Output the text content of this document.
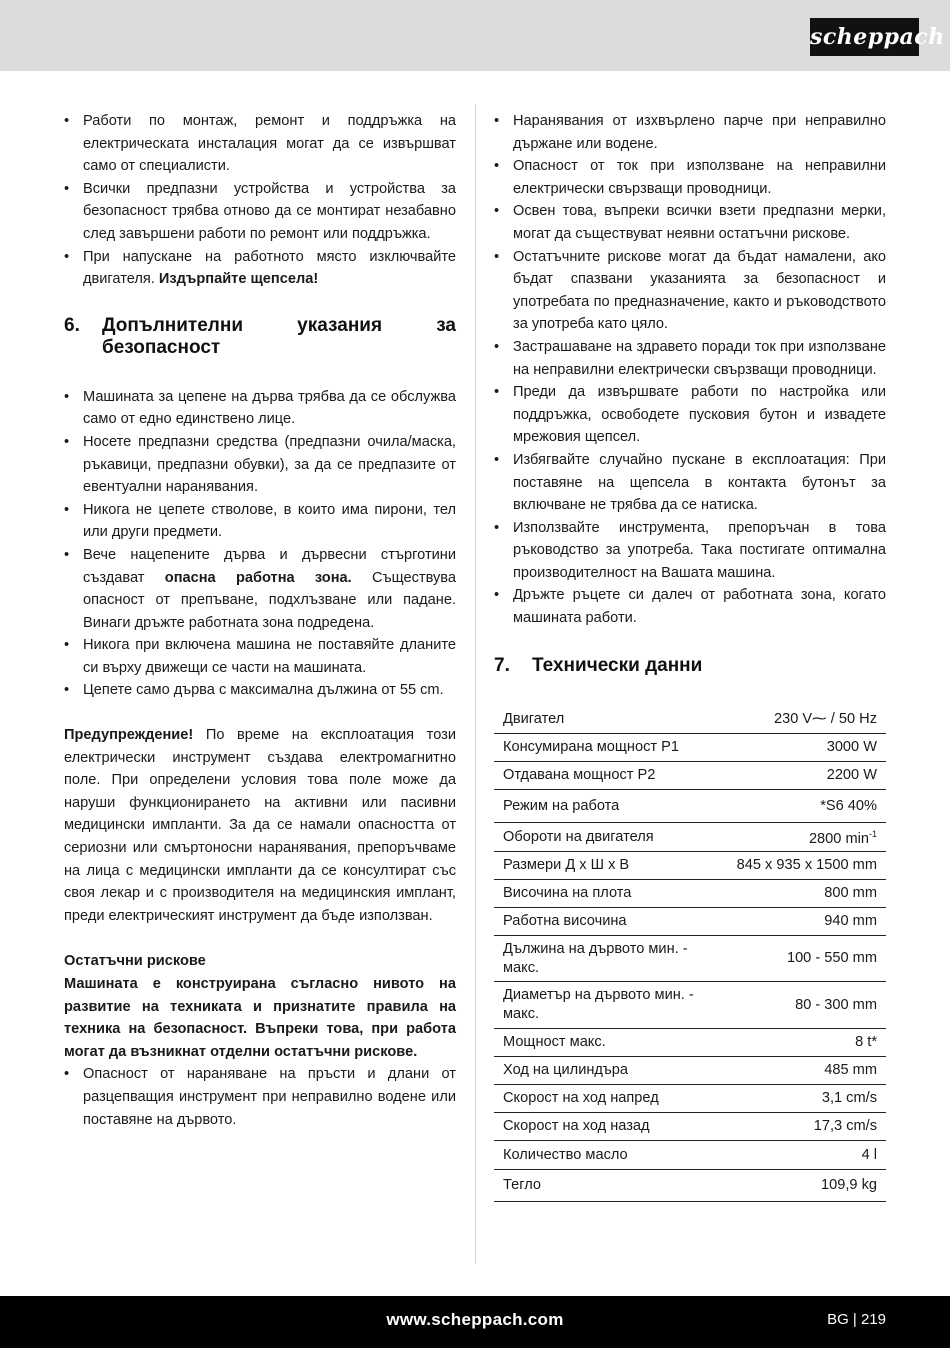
scheppach
• Работи по монтаж, ремонт и поддръжка на електрическата инсталация могат да се извършват само от специалисти.
• Всички предпазни устройства и устройства за безопасност трябва отново да се монтират незабавно след завършени работи по ремонт или поддръжка.
• При напускане на работното място изключвайте двигателя. Издърпайте щепсела!
6.	Допълнителни указания за безопасност
• Машината за цепене на дърва трябва да се обслужва само от едно единствено лице.
• Носете предпазни средства (предпазни очила/маска, ръкавици, предпазни обувки), за да се предпазите от евентуални наранявания.
• Никога не цепете стволове, в които има пирони, тел или други предмети.
• Вече нацепените дърва и дървесни стърготини създават опасна работна зона. Съществува опасност от препъване, подхлъзване или падане. Винаги дръжте работната зона подредена.
• Никога при включена машина не поставяйте дланите си върху движещи се части на машината.
• Цепете само дърва с максимална дължина от 55 cm.

Предупреждение! По време на експлоатация този електрически инструмент създава електромагнитно поле. При определени условия това поле може да наруши функционирането на активни или пасивни медицински импланти. За да се намали опасността от сериозни или смъртоносни наранявания, препоръчваме на лица с медицински импланти да се консултират със своя лекар и с производителя на медицинския имплант, преди електрическият инструмент да бъде използван.

Остатъчни рискове

Машината е конструирана съгласно нивото на развитие на техниката и признатите правила на техника на безопасност. Въпреки това, при работа могат да възникнат отделни остатъчни рискове.

• Опасност от нараняване на пръсти и длани от разцепващия инструмент при неправилно водене или поставяне на дървото.
• Наранявания от изхвърлено парче при неправилно държане или водене.
• Опасност от ток при използване на неправилни електрически свързващи проводници.
• Освен това, въпреки всички взети предпазни мерки, могат да съществуват неявни остатъчни рискове.
• Остатъчните рискове могат да бъдат намалени, ако бъдат спазвани указанията за безопасност и употребата по предназначение, както и ръководството за употреба като цяло.
• Застрашаване на здравето поради ток при използване на неправилни електрически свързващи проводници.
• Преди да извършвате работи по настройка или поддръжка, освободете пусковия бутон и извадете мрежовия щепсел.
• Избягвайте случайно пускане в експлоатация: При поставяне на щепсела в контакта бутонът за включване не трябва да се натиска.
• Използвайте инструмента, препоръчан в това ръководство за употреба. Така постигате оптимална производителност на Вашата машина.
• Дръжте ръцете си далеч от работната зона, когато машината работи.
7.	Технически данни
Двигател	230 V⁓ / 50 Hz
Консумирана мощност P1	3000 W
Отдавана мощност P2	2200 W
Режим на работа	*S6 40%
Обороти на двигателя	2800 $\min^{-1}$
Размери Д х Ш х В	845 x 935 x 1500 mm
Височина на плота	800 mm
Работна височина	940 mm
Дължина на дървото мин. - макс.	100 - 550 mm
Диаметър на дървото мин. - макс.	80 - 300 mm
Мощност макс.	8 t*
Ход на цилиндъра	485 mm
Скорост на ход напред	3,1 cm/s
Скорост на ход назад	17,3 cm/s
Количество масло	4 l
Тегло	109,9 kg
www.scheppach.com	BG | 219
